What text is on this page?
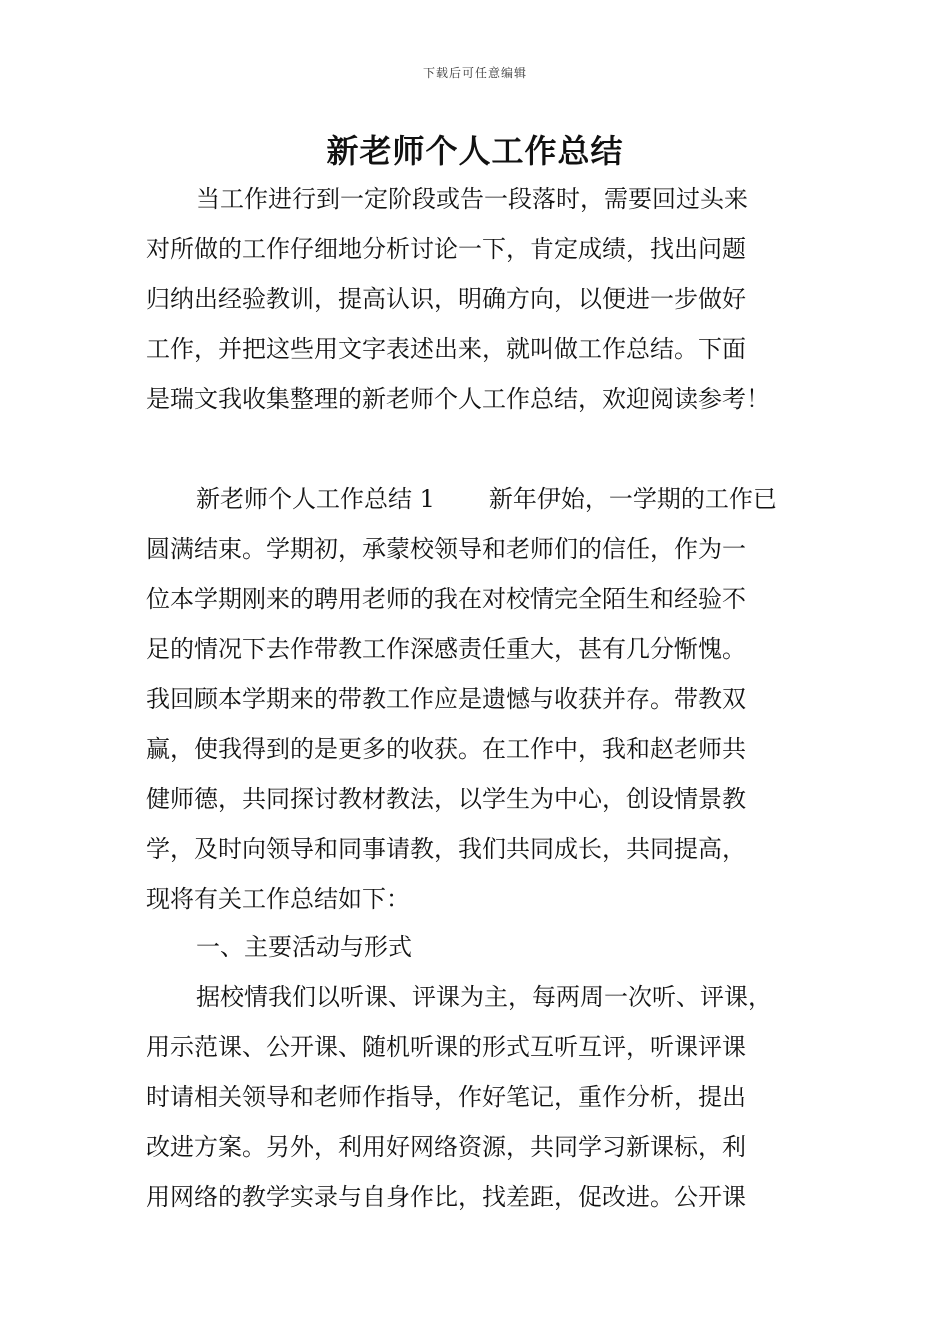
下载后可任意编辑
新老师个人工作总结
当工作进行到一定阶段或告一段落时，需要回过头来
对所做的工作仔细地分析讨论一下，肯定成绩，找出问题
归纳出经验教训，提高认识，明确方向，以便进一步做好
工作，并把这些用文字表述出来，就叫做工作总结。下面
是瑞文我收集整理的新老师个人工作总结，欢迎阅读参考！
新老师个人工作总结 1 新年伊始，一学期的工作已
圆满结束。学期初，承蒙校领导和老师们的信任，作为一
位本学期刚来的聘用老师的我在对校情完全陌生和经验不
足的情况下去作带教工作深感责任重大，甚有几分惭愧。
我回顾本学期来的带教工作应是遗憾与收获并存。带教双
赢，使我得到的是更多的收获。在工作中，我和赵老师共
健师德，共同探讨教材教法，以学生为中心，创设情景教
学，及时向领导和同事请教，我们共同成长，共同提高，
现将有关工作总结如下：
一、主要活动与形式
据校情我们以听课、评课为主，每两周一次听、评课，
用示范课、公开课、随机听课的形式互听互评，听课评课
时请相关领导和老师作指导，作好笔记，重作分析，提出
改进方案。另外，利用好网络资源，共同学习新课标，利
用网络的教学实录与自身作比，找差距，促改进。公开课
